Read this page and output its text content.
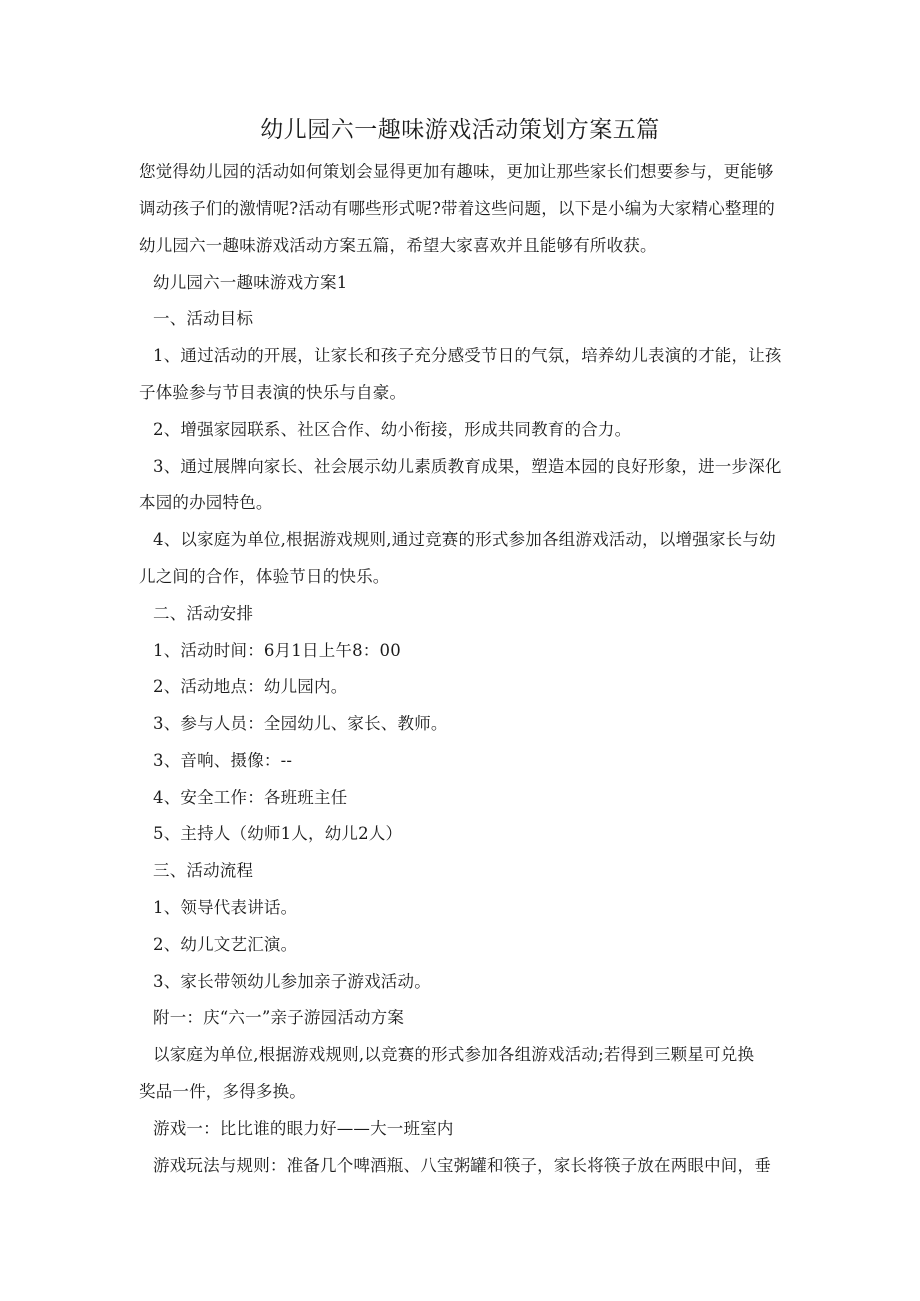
幼儿园六一趣味游戏活动策划方案五篇

您觉得幼儿园的活动如何策划会显得更加有趣味，更加让那些家长们想要参与，更能够

调动孩子们的激情呢?活动有哪些形式呢?带着这些问题，以下是小编为大家精心整理的

幼儿园六一趣味游戏活动方案五篇，希望大家喜欢并且能够有所收获。

幼儿园六一趣味游戏方案1

一、活动目标

1、通过活动的开展，让家长和孩子充分感受节日的气氛，培养幼儿表演的才能，让孩

子体验参与节目表演的快乐与自豪。

2、增强家园联系、社区合作、幼小衔接，形成共同教育的合力。

3、通过展牌向家长、社会展示幼儿素质教育成果，塑造本园的良好形象，进一步深化

本园的办园特色。

4、以家庭为单位,根据游戏规则,通过竞赛的形式参加各组游戏活动，以增强家长与幼

儿之间的合作，体验节日的快乐。

二、活动安排

1、活动时间：6月1日上午8：00

2、活动地点：幼儿园内。

3、参与人员：全园幼儿、家长、教师。

3、音响、摄像：--

4、安全工作：各班班主任

5、主持人（幼师1人，幼儿2人）

三、活动流程

1、领导代表讲话。

2、幼儿文艺汇演。

3、家长带领幼儿参加亲子游戏活动。

附一：庆“六一”亲子游园活动方案

以家庭为单位,根据游戏规则,以竞赛的形式参加各组游戏活动;若得到三颗星可兑换

奖品一件，多得多换。

游戏一：比比谁的眼力好——大一班室内

游戏玩法与规则：准备几个啤酒瓶、八宝粥罐和筷子，家长将筷子放在两眼中间，垂
